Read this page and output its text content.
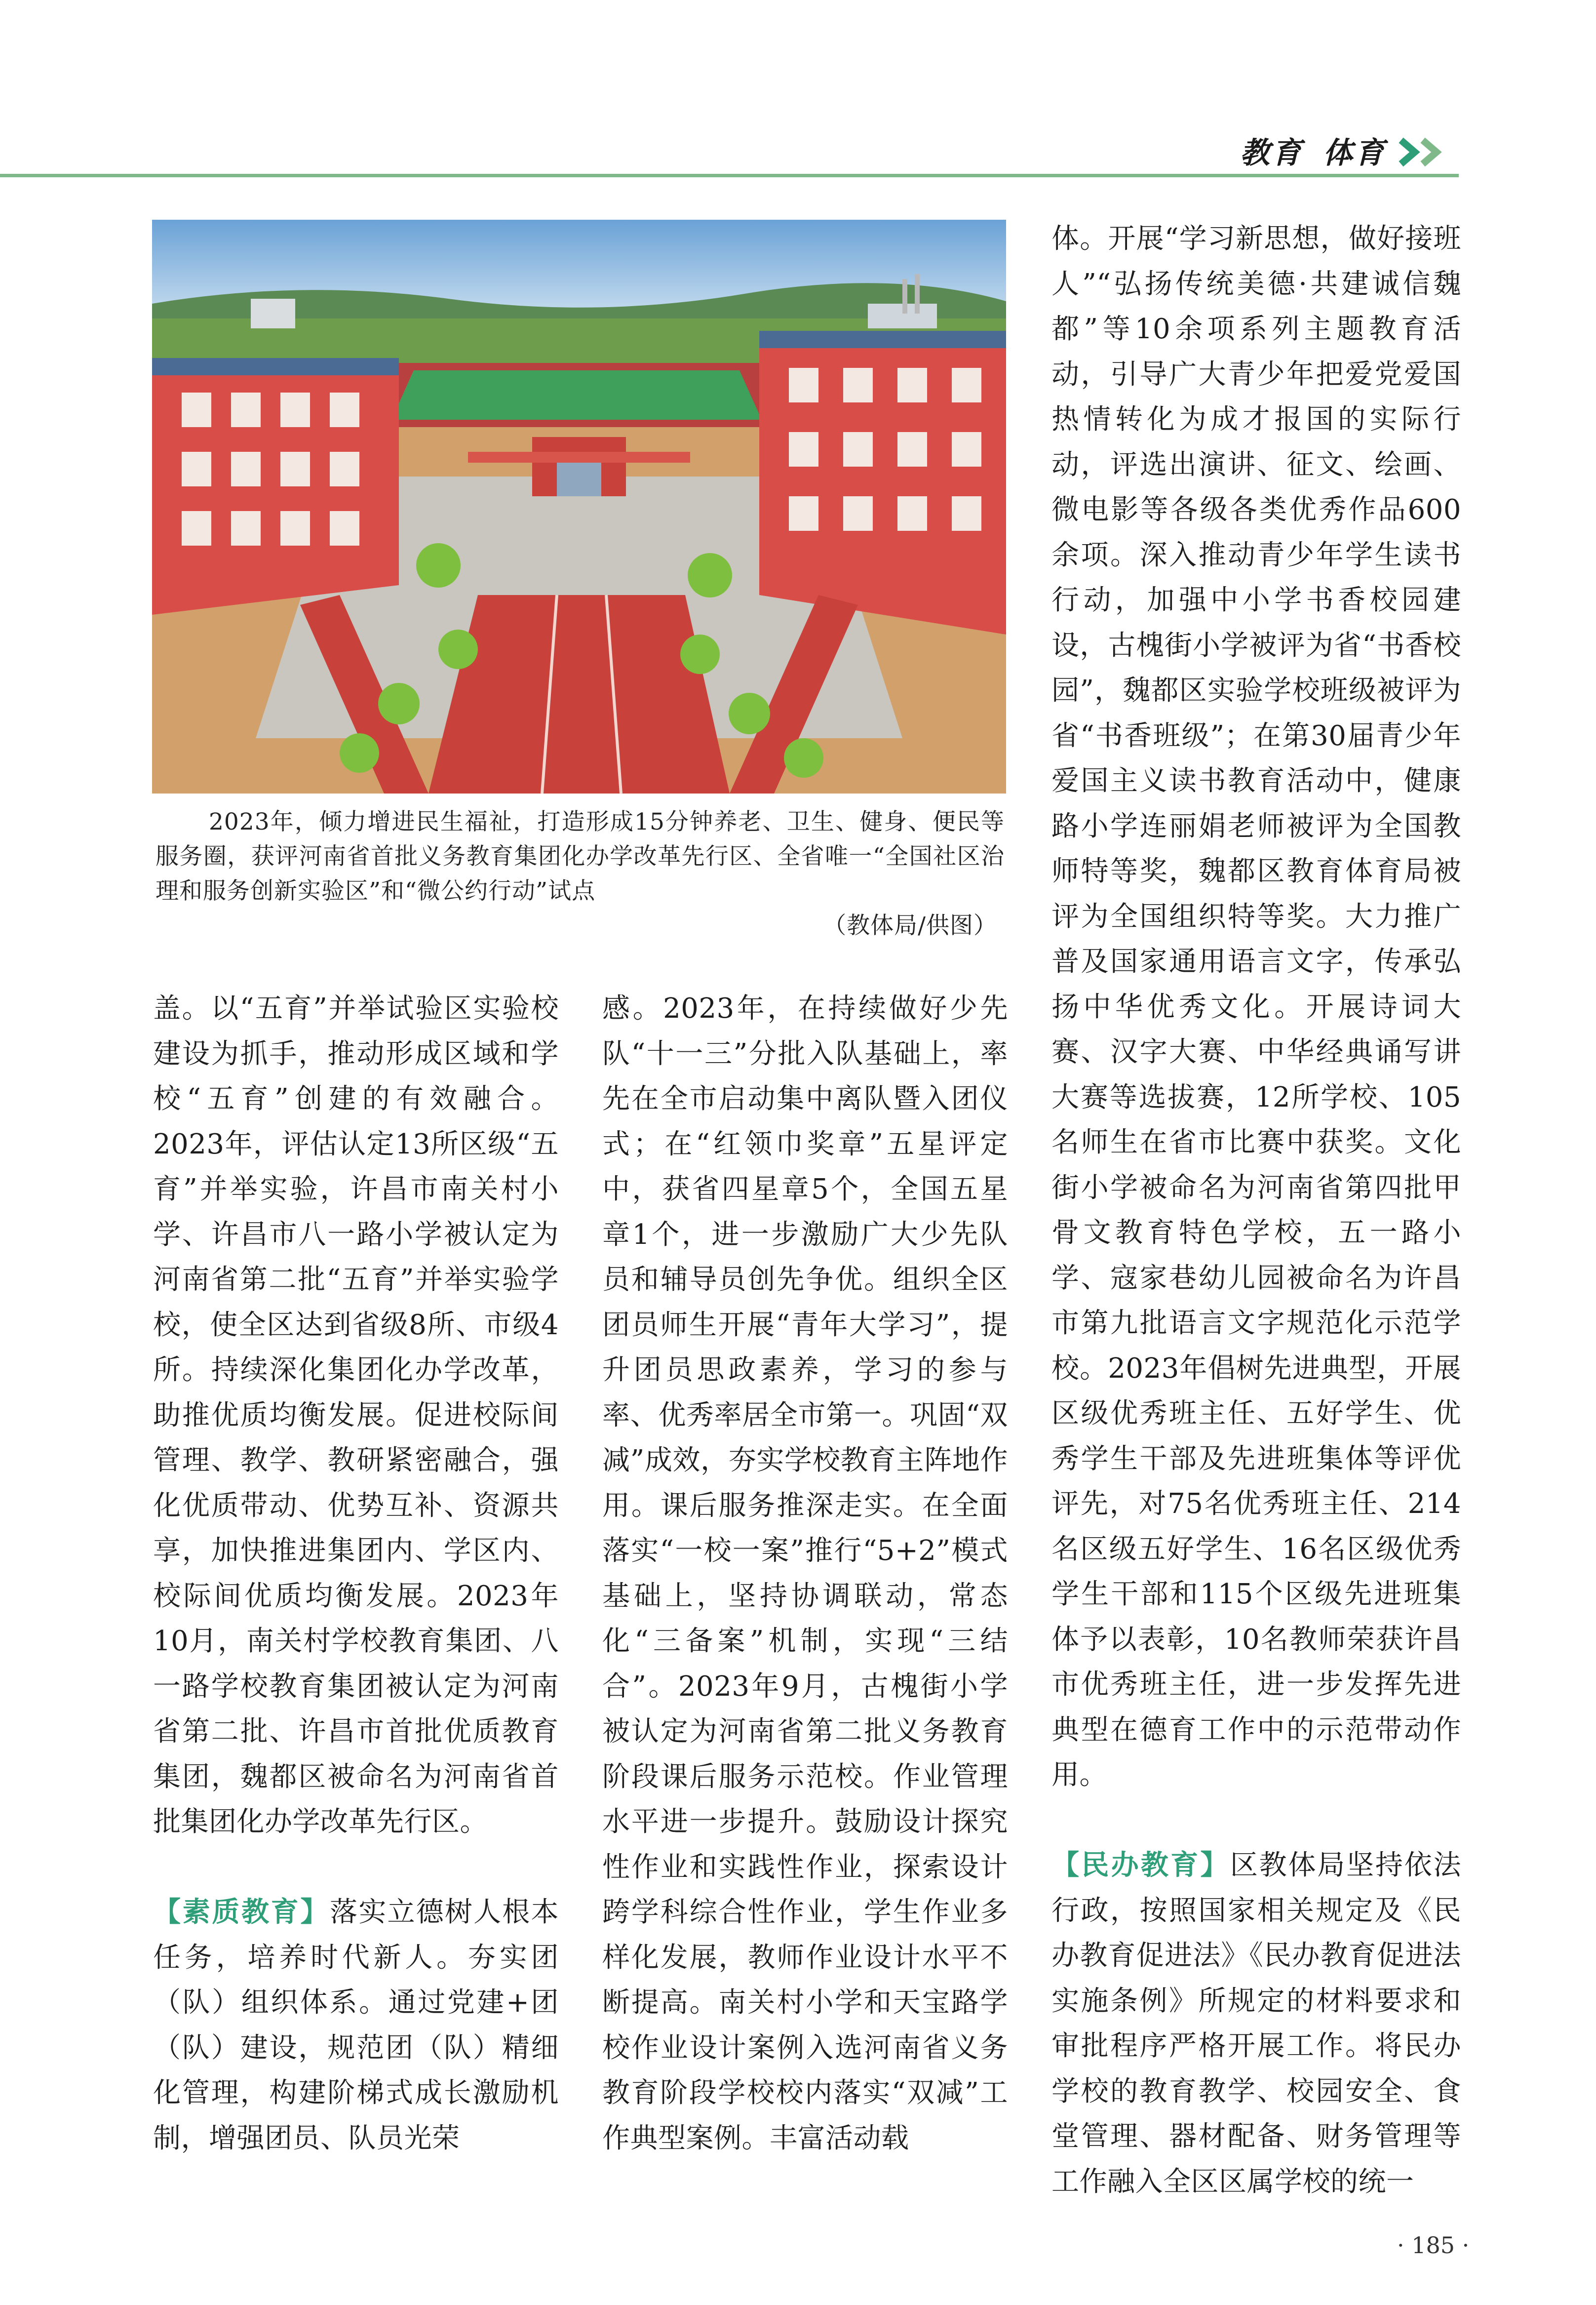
教育 体育
2023年，倾力增进民生福祉，打造形成15分钟养老、卫生、健身、便民等服务圈，获评河南省首批义务教育集团化办学改革先行区、全省唯一“全国社区治理和服务创新实验区”和“微公约行动”试点
（教体局/供图）

盖。以“五育”并举试验区实验校建设为抓手，推动形成区域和学校“五育”创建的有效融合。2023年，评估认定13所区级“五育”并举实验，许昌市南关村小学、许昌市八一路小学被认定为河南省第二批“五育”并举实验学校，使全区达到省级8所、市级4所。持续深化集团化办学改革，助推优质均衡发展。促进校际间管理、教学、教研紧密融合，强化优质带动、优势互补、资源共享，加快推进集团内、学区内、校际间优质均衡发展。2023年10月，南关村学校教育集团、八一路学校教育集团被认定为河南省第二批、许昌市首批优质教育集团，魏都区被命名为河南省首批集团化办学改革先行区。

【素质教育】落实立德树人根本任务，培养时代新人。夯实团（队）组织体系。通过党建+团（队）建设，规范团（队）精细化管理，构建阶梯式成长激励机制，增强团员、队员光荣

感。2023年，在持续做好少先队“十一三”分批入队基础上，率先在全市启动集中离队暨入团仪式；在“红领巾奖章”五星评定中，获省四星章5个，全国五星章1个，进一步激励广大少先队员和辅导员创先争优。组织全区团员师生开展“青年大学习”，提升团员思政素养，学习的参与率、优秀率居全市第一。巩固“双减”成效，夯实学校教育主阵地作用。课后服务推深走实。在全面落实“一校一案”推行“5+2”模式基础上，坚持协调联动，常态化“三备案”机制，实现“三结合”。2023年9月，古槐街小学被认定为河南省第二批义务教育阶段课后服务示范校。作业管理水平进一步提升。鼓励设计探究性作业和实践性作业，探索设计跨学科综合性作业，学生作业多样化发展，教师作业设计水平不断提高。南关村小学和天宝路学校作业设计案例入选河南省义务教育阶段学校校内落实“双减”工作典型案例。丰富活动载

体。开展“学习新思想，做好接班人”“弘扬传统美德·共建诚信魏都”等10余项系列主题教育活动，引导广大青少年把爱党爱国热情转化为成才报国的实际行动，评选出演讲、征文、绘画、微电影等各级各类优秀作品600余项。深入推动青少年学生读书行动，加强中小学书香校园建设，古槐街小学被评为省“书香校园”，魏都区实验学校班级被评为省“书香班级”；在第30届青少年爱国主义读书教育活动中，健康路小学连丽娟老师被评为全国教师特等奖，魏都区教育体育局被评为全国组织特等奖。大力推广普及国家通用语言文字，传承弘扬中华优秀文化。开展诗词大赛、汉字大赛、中华经典诵写讲大赛等选拔赛，12所学校、105名师生在省市比赛中获奖。文化街小学被命名为河南省第四批甲骨文教育特色学校，五一路小学、寇家巷幼儿园被命名为许昌市第九批语言文字规范化示范学校。2023年倡树先进典型，开展区级优秀班主任、五好学生、优秀学生干部及先进班集体等评优评先，对75名优秀班主任、214名区级五好学生、16名区级优秀学生干部和115个区级先进班集体予以表彰，10名教师荣获许昌市优秀班主任，进一步发挥先进典型在德育工作中的示范带动作用。

【民办教育】区教体局坚持依法行政，按照国家相关规定及《民办教育促进法》《民办教育促进法实施条例》所规定的材料要求和审批程序严格开展工作。将民办学校的教育教学、校园安全、食堂管理、器材配备、财务管理等工作融入全区区属学校的统一

· 185 ·
